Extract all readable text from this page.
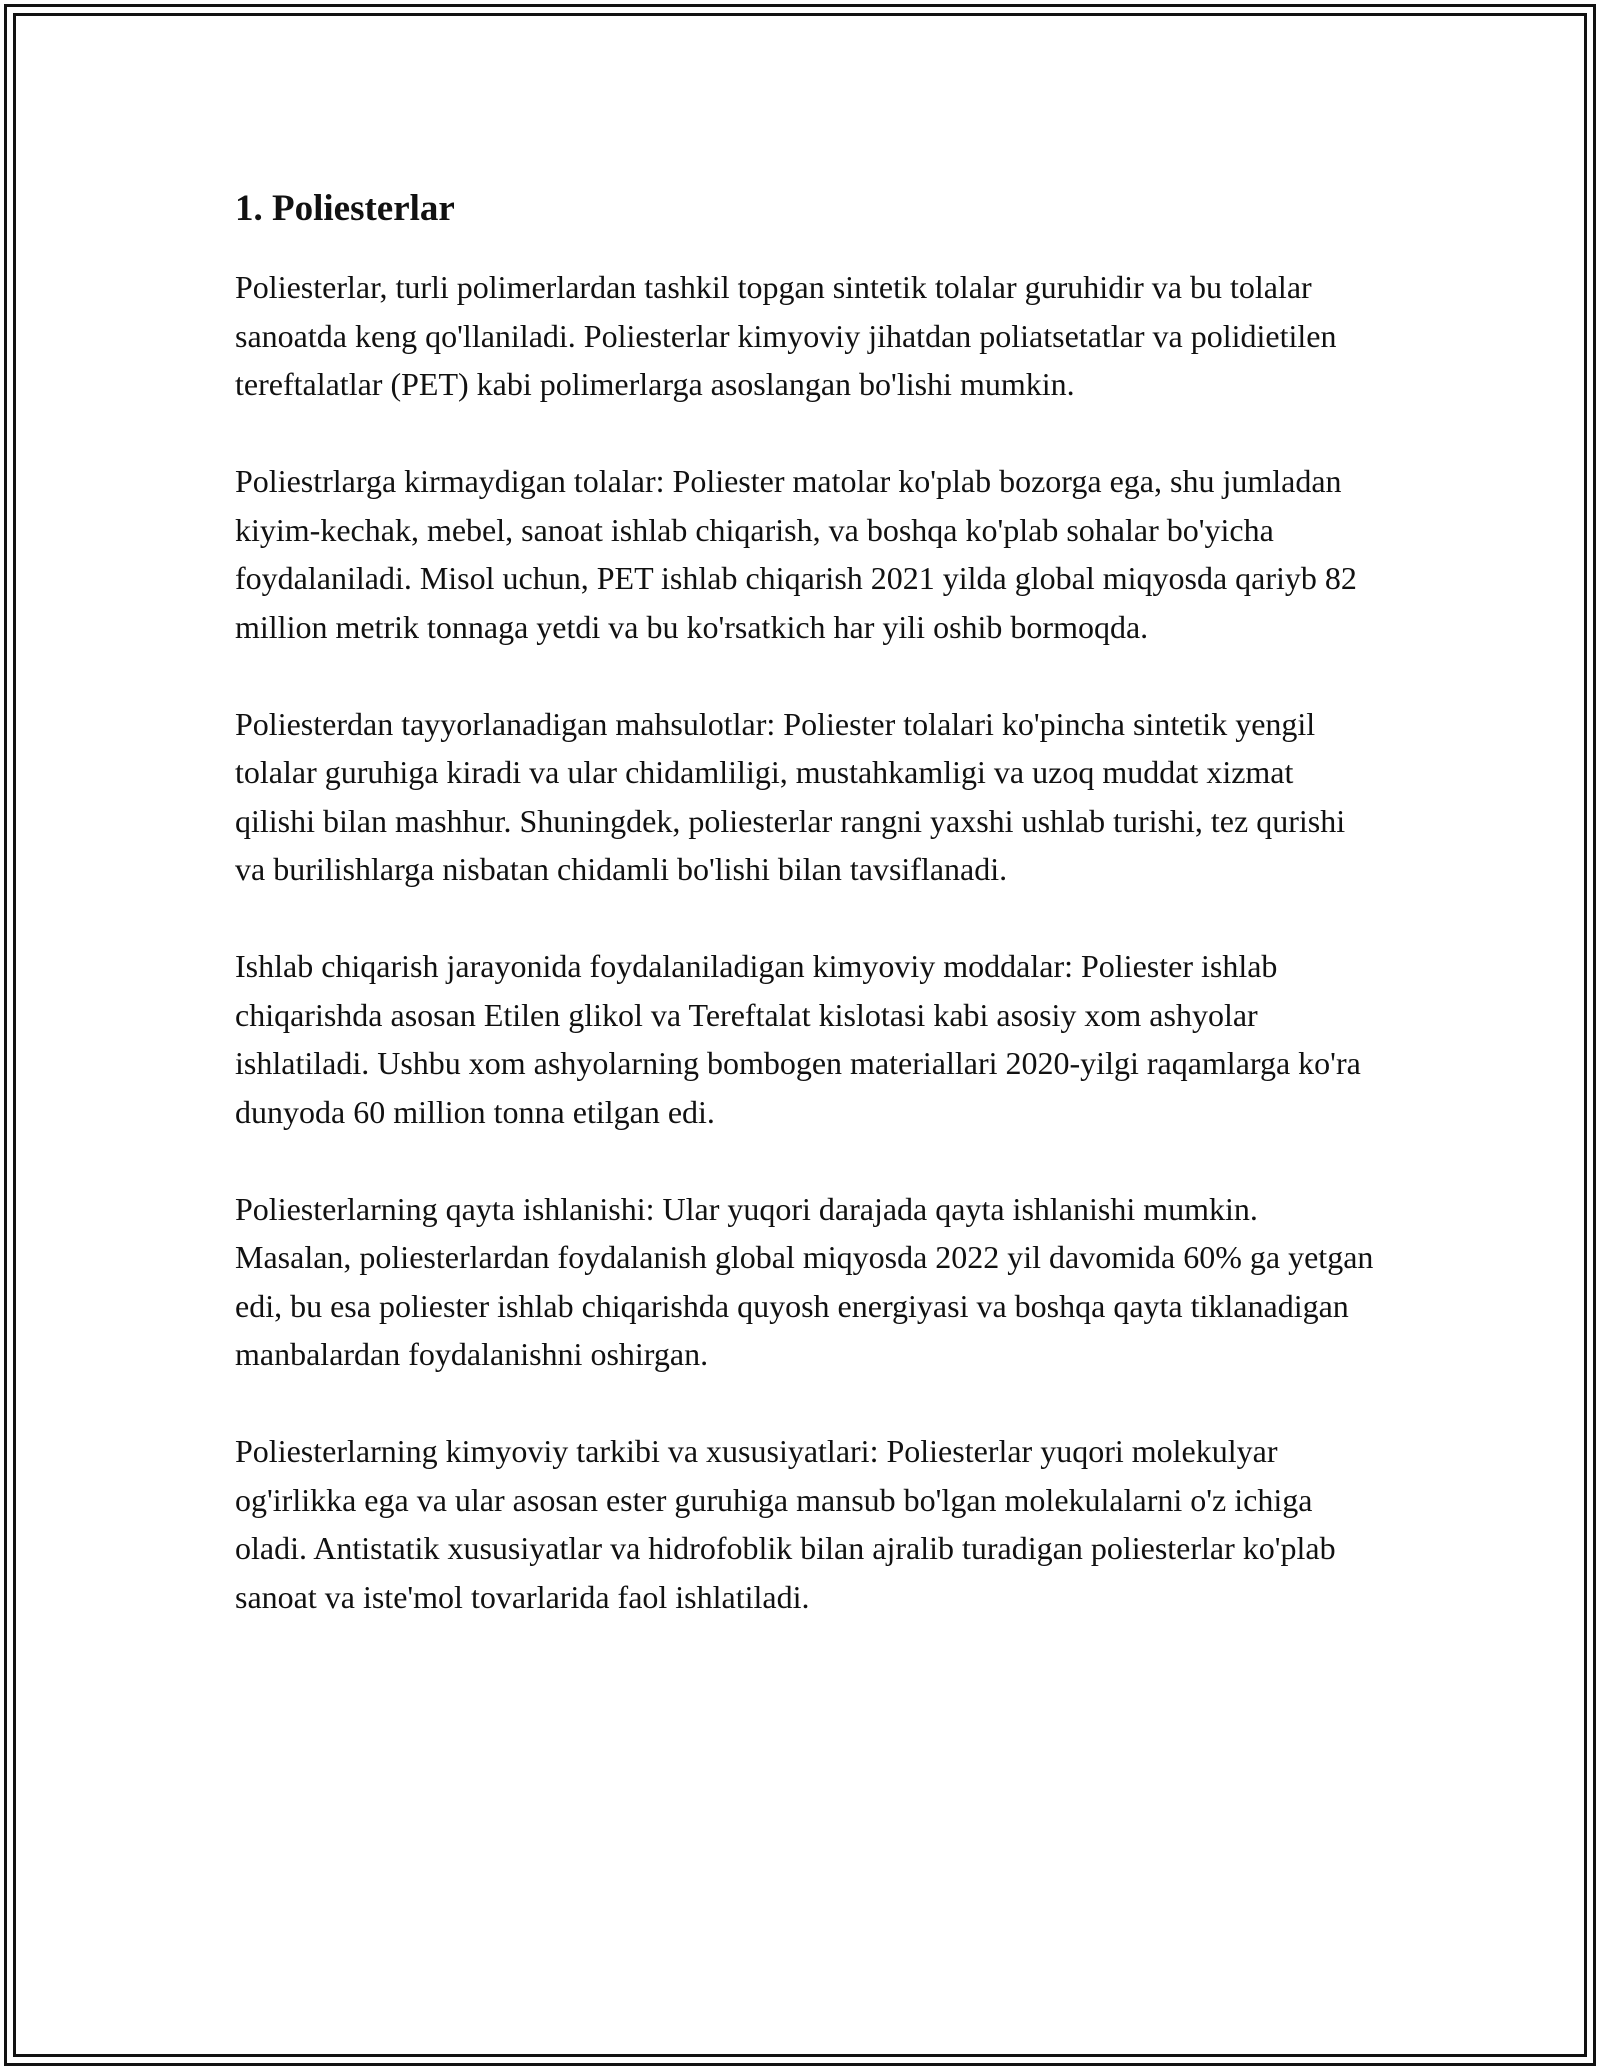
1. Poliesterlar

Poliesterlar, turli polimerlardan tashkil topgan sintetik tolalar guruhidir va bu tolalar sanoatda keng qo'llaniladi. Poliesterlar kimyoviy jihatdan poliatsetatlar va polidietilen tereftalatlar (PET) kabi polimerlarga asoslangan bo'lishi mumkin.

Poliestrlarga kirmaydigan tolalar: Poliester matolar ko'plab bozorga ega, shu jumladan kiyim-kechak, mebel, sanoat ishlab chiqarish, va boshqa ko'plab sohalar bo'yicha foydalaniladi. Misol uchun, PET ishlab chiqarish 2021 yilda global miqyosda qariyb 82 million metrik tonnaga yetdi va bu ko'rsatkich har yili oshib bormoqda.

Poliesterdan tayyorlanadigan mahsulotlar: Poliester tolalari ko'pincha sintetik yengil tolalar guruhiga kiradi va ular chidamliligi, mustahkamligi va uzoq muddat xizmat qilishi bilan mashhur. Shuningdek, poliesterlar rangni yaxshi ushlab turishi, tez qurishi va burilishlarga nisbatan chidamli bo'lishi bilan tavsiflanadi.

Ishlab chiqarish jarayonida foydalaniladigan kimyoviy moddalar: Poliester ishlab chiqarishda asosan Etilen glikol va Tereftalat kislotasi kabi asosiy xom ashyolar ishlatiladi. Ushbu xom ashyolarning bombogen materiallari 2020-yilgi raqamlarga ko'ra dunyoda 60 million tonna etilgan edi.

Poliesterlarning qayta ishlanishi: Ular yuqori darajada qayta ishlanishi mumkin. Masalan, poliesterlardan foydalanish global miqyosda 2022 yil davomida 60% ga yetgan edi, bu esa poliester ishlab chiqarishda quyosh energiyasi va boshqa qayta tiklanadigan manbalardan foydalanishni oshirgan.

Poliesterlarning kimyoviy tarkibi va xususiyatlari: Poliesterlar yuqori molekulyar og'irlikka ega va ular asosan ester guruhiga mansub bo'lgan molekulalarni o'z ichiga oladi. Antistatik xususiyatlar va hidrofoblik bilan ajralib turadigan poliesterlar ko'plab sanoat va iste'mol tovarlarida faol ishlatiladi.
